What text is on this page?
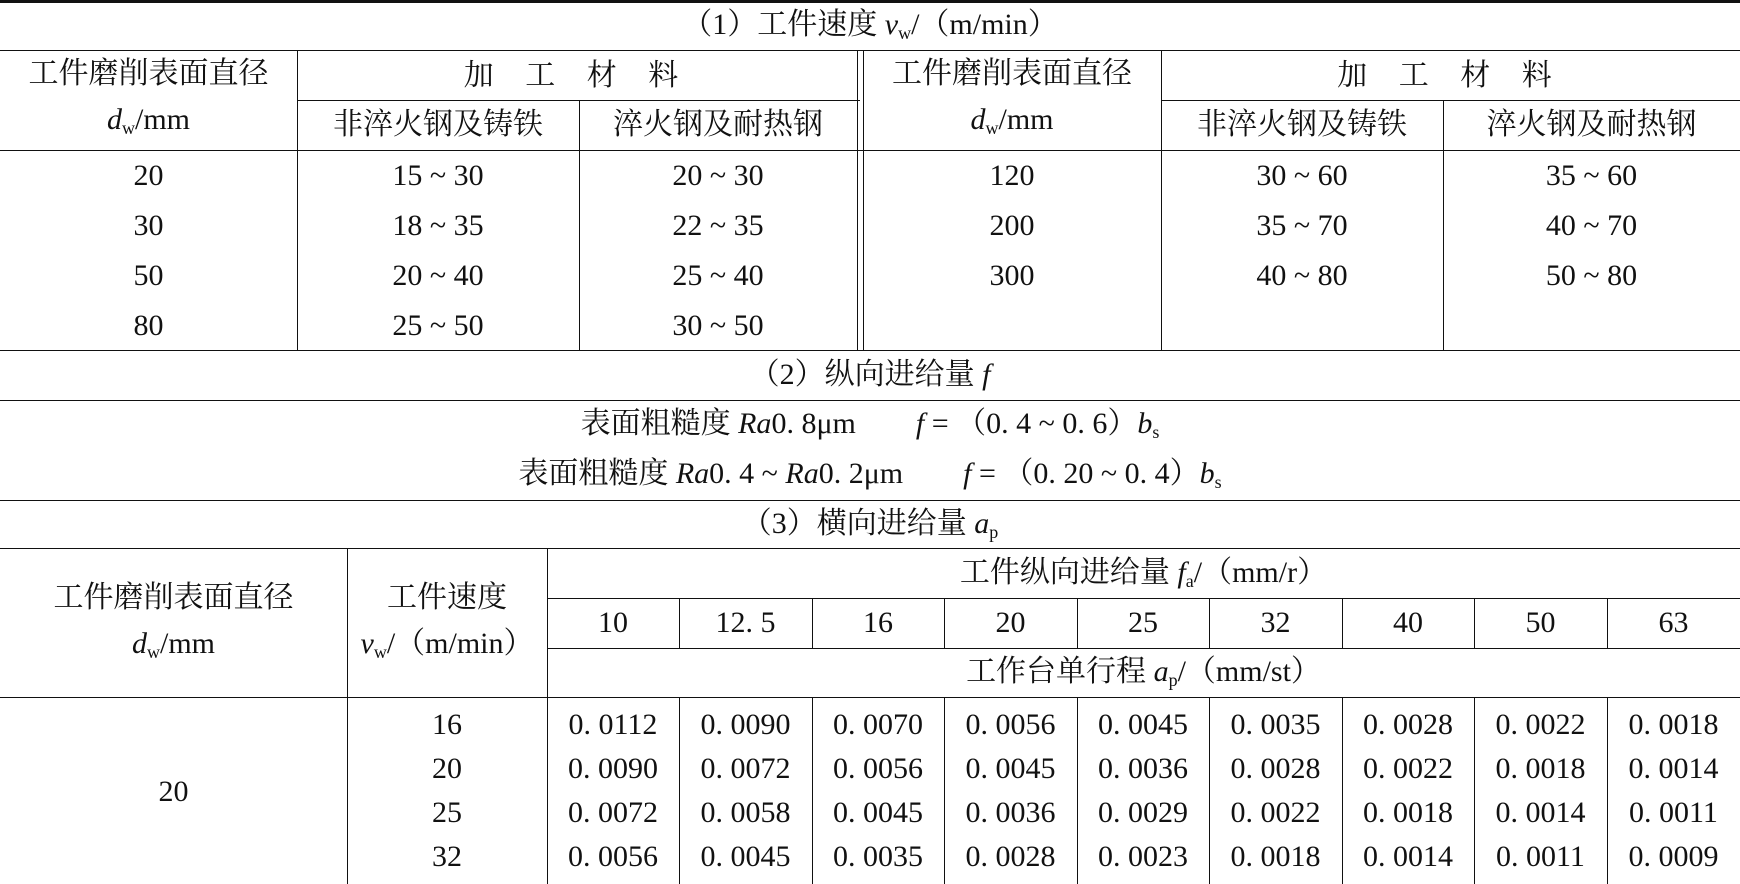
（1）工件速度 $v_w/(m/\min)$
工件磨削表面直径
$d_w/mm$
加 工 材 料
非淬火钢及铸铁	淬火钢及耐热钢
工件磨削表面直径
$d_w/mm$
加 工 材 料
非淬火钢及铸铁	淬火钢及耐热钢
20	15 ~ 30	20 ~ 30
30	18 ~ 35	22 ~ 35
50	20 ~ 40	25 ~ 40
80	25 ~ 50	30 ~ 50
120	30 ~ 60	35 ~ 60
200	35 ~ 70	40 ~ 70
300	40 ~ 80	50 ~ 80
（2）纵向进给量 f
表面粗糙度 Ra0. 8μm f = （0. 4 ~ 0. $6)b_s$
表面粗糙度 Ra0. 4 ~ Ra0. 2μm f = （0. 20 ~ 0. $4)b_s$
（3）横向进给量 $a_p$
工件磨削表面直径
$d_w/mm$
工件速度
$v_w/(m/\min)$
工件纵向进给量 $f_a/(mm/r)$
10	12. 5	16	20	25	32	40	50	63
工作台单行程 $a_p/(mm/st)$
20
16	0. 0112	0. 0090	0. 0070	0. 0056	0. 0045	0. 0035	0. 0028	0. 0022	0. 0018
20	0. 0090	0. 0072	0. 0056	0. 0045	0. 0036	0. 0028	0. 0022	0. 0018	0. 0014
25	0. 0072	0. 0058	0. 0045	0. 0036	0. 0029	0. 0022	0. 0018	0. 0014	0. 0011
32	0. 0056	0. 0045	0. 0035	0. 0028	0. 0023	0. 0018	0. 0014	0. 0011	0. 0009
